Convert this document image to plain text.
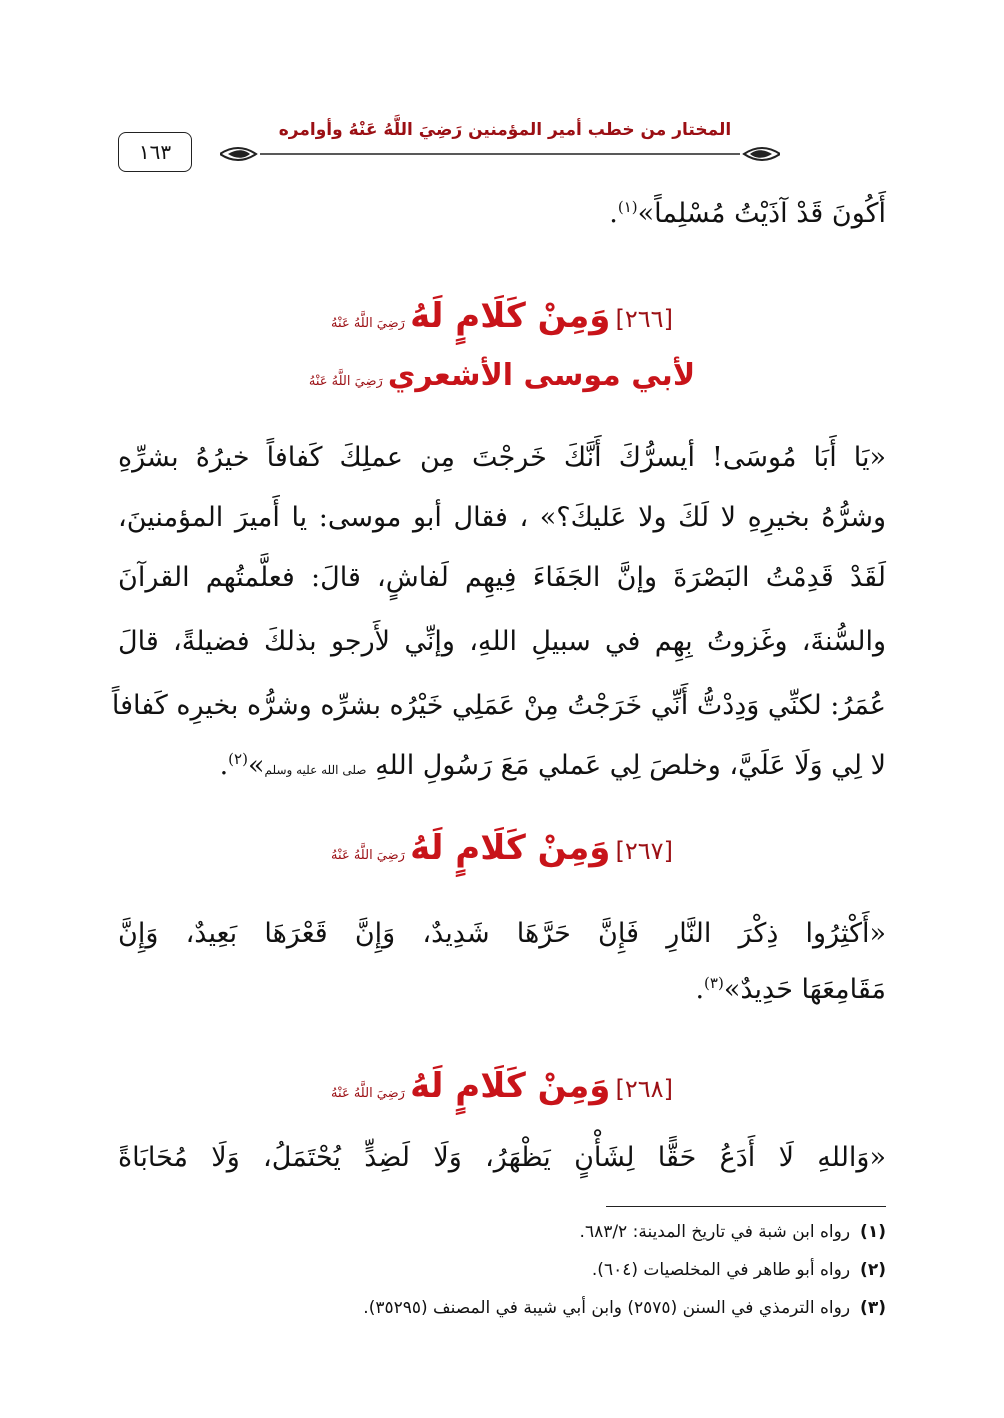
المختار من خطب أمير المؤمنين رَضِيَ اللَّهُ عَنْهُ وأوامره
١٦٣
أَكُونَ قَدْ آذَيْتُ مُسْلِماً»$^{(١)}$.
[٢٦٦] وَمِنْ كَلَامٍ لَهُ رَضِيَ اللَّهُ عَنْهُ
لأبي موسى الأشعري رَضِيَ اللَّهُ عَنْهُ
«يَا أَبَا مُوسَى! أيسرُّكَ أَنَّكَ خَرجْتَ مِن عملِكَ كَفافاً خيرُهُ بشرِّهِ
وشرُّهُ بخيرِهِ لا لَكَ ولا عَليكَ؟» ، فقال أبو موسى: يا أَميرَ المؤمنينَ،
لَقَدْ قَدِمْتُ البَصْرَةَ وإنَّ الجَفَاءَ فِيهِم لَفاشٍ، قالَ: فعلَّمتُهم القرآنَ
والسُّنةَ، وغَزوتُ بِهِم في سبيلِ اللهِ، وإنِّي لأَرجو بذلكَ فضيلةً، قالَ
عُمَرُ: لكنِّي وَدِدْتُّ أَنِّي خَرَجْتُ مِنْ عَمَلِي خَيْرُه بشرِّه وشرُّه بخيرِه كَفافاً
لا لِي وَلَا عَلَيَّ، وخلصَ لِي عَملي مَعَ رَسُولِ اللهِ صلى الله عليه وسلم»$^{(٢)}$.
[٢٦٧] وَمِنْ كَلَامٍ لَهُ رَضِيَ اللَّهُ عَنْهُ
«أَكْثِرُوا ذِكْرَ النَّارِ فَإِنَّ حَرَّهَا شَدِيدٌ، وَإِنَّ قَعْرَهَا بَعِيدٌ، وَإِنَّ
مَقَامِعَهَا حَدِيدٌ»$^{(٣)}$.
[٢٦٨] وَمِنْ كَلَامٍ لَهُ رَضِيَ اللَّهُ عَنْهُ
«وَاللهِ لَا أَدَعُ حَقًّا لِشَأْنٍ يَظْهَرُ، وَلَا لَضِدٍّ يُحْتَمَلُ، وَلَا مُحَابَاةً
(١)رواه ابن شبة في تاريخ المدينة: ٦٨٣/٢.
(٢)رواه أبو طاهر في المخلصيات (٦٠٤).
(٣)رواه الترمذي في السنن (٢٥٧٥) وابن أبي شيبة في المصنف (٣٥٢٩٥).
